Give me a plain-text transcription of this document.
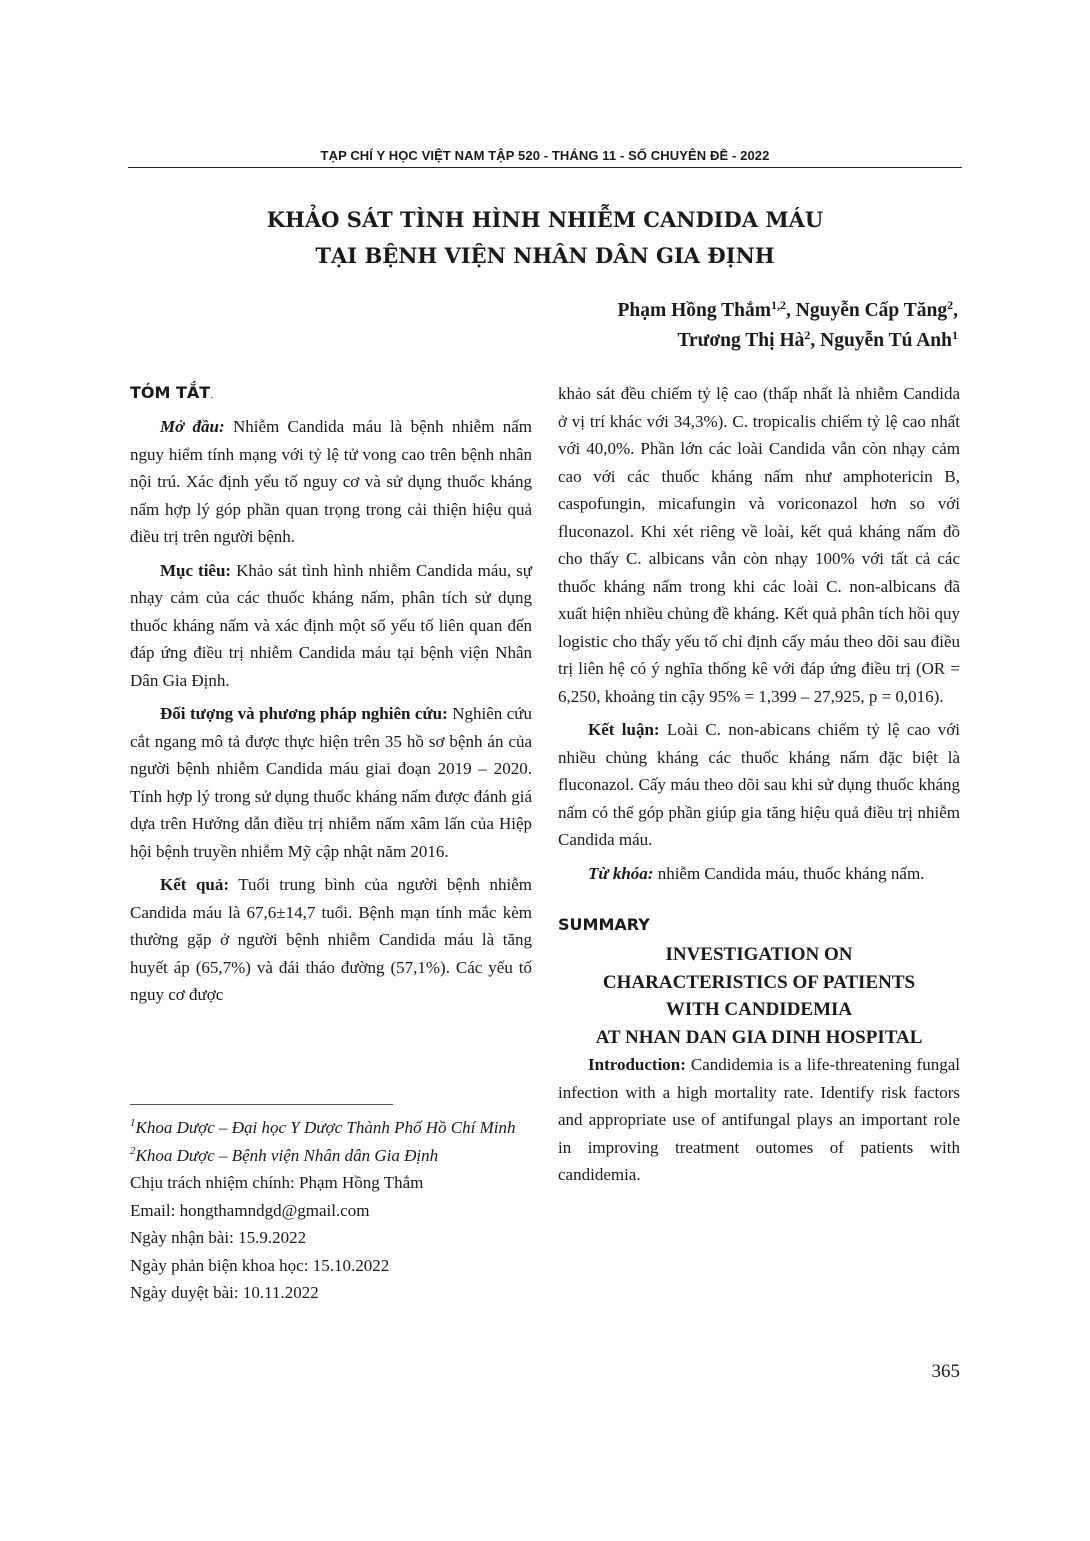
TẠP CHÍ Y HỌC VIỆT NAM TẬP 520 - THÁNG 11 - SỐ CHUYÊN ĐỀ - 2022
KHẢO SÁT TÌNH HÌNH NHIỄM CANDIDA MÁU
TẠI BỆNH VIỆN NHÂN DÂN GIA ĐỊNH
Phạm Hồng Thắm$^{1,2}$, Nguyễn Cấp Tăng$^2$,
Trương Thị $Hà^2$, Nguyễn Tú Anh$^1$
TÓM TẮT.

Mở đầu: Nhiễm Candida máu là bệnh nhiễm nấm nguy hiểm tính mạng với tỷ lệ tử vong cao trên bệnh nhân nội trú. Xác định yếu tố nguy cơ và sử dụng thuốc kháng nấm hợp lý góp phần quan trọng trong cải thiện hiệu quả điều trị trên người bệnh.

Mục tiêu: Khảo sát tình hình nhiễm Candida máu, sự nhạy cảm của các thuốc kháng nấm, phân tích sử dụng thuốc kháng nấm và xác định một số yếu tố liên quan đến đáp ứng điều trị nhiễm Candida máu tại bệnh viện Nhân Dân Gia Định.

Đối tượng và phương pháp nghiên cứu: Nghiên cứu cắt ngang mô tả được thực hiện trên 35 hồ sơ bệnh án của người bệnh nhiễm Candida máu giai đoạn 2019 – 2020. Tính hợp lý trong sử dụng thuốc kháng nấm được đánh giá dựa trên Hướng dẫn điều trị nhiễm nấm xâm lấn của Hiệp hội bệnh truyền nhiễm Mỹ cập nhật năm 2016.

Kết quả: Tuổi trung bình của người bệnh nhiễm Candida máu là 67,6±14,7 tuổi. Bệnh mạn tính mắc kèm thường gặp ở người bệnh nhiễm Candida máu là tăng huyết áp (65,7%) và đái tháo đường (57,1%). Các yếu tố nguy cơ được

$^1$Khoa Dược – Đại học Y Dược Thành Phố Hồ Chí Minh

$^2$Khoa Dược – Bệnh viện Nhân dân Gia Định

Chịu trách nhiệm chính: Phạm Hồng Thắm

Email: hongthamndgd@gmail.com

Ngày nhận bài: 15.9.2022

Ngày phản biện khoa học: 15.10.2022

Ngày duyệt bài: 10.11.2022

khảo sát đều chiếm tỷ lệ cao (thấp nhất là nhiễm Candida ở vị trí khác với 34,3%). C. tropicalis chiếm tỷ lệ cao nhất với 40,0%. Phần lớn các loài Candida vẫn còn nhạy cảm cao với các thuốc kháng nấm như amphotericin B, caspofungin, micafungin và voriconazol hơn so với fluconazol. Khi xét riêng về loài, kết quả kháng nấm đồ cho thấy C. albicans vẫn còn nhạy 100% với tất cả các thuốc kháng nấm trong khi các loài C. non-albicans đã xuất hiện nhiều chủng đề kháng. Kết quả phân tích hồi quy logistic cho thấy yếu tố chỉ định cấy máu theo dõi sau điều trị liên hệ có ý nghĩa thống kê với đáp ứng điều trị (OR = 6,250, khoảng tin cậy 95% = 1,399 – 27,925, p = 0,016).

Kết luận: Loài C. non-abicans chiếm tỷ lệ cao với nhiều chủng kháng các thuốc kháng nấm đặc biệt là fluconazol. Cấy máu theo dõi sau khi sử dụng thuốc kháng nấm có thể góp phần giúp gia tăng hiệu quả điều trị nhiễm Candida máu.

Từ khóa: nhiễm Candida máu, thuốc kháng nấm.

SUMMARY
INVESTIGATION ON
CHARACTERISTICS OF PATIENTS
WITH CANDIDEMIA
AT NHAN DAN GIA DINH HOSPITAL

Introduction: Candidemia is a life-threatening fungal infection with a high mortality rate. Identify risk factors and appropriate use of antifungal plays an important role in improving treatment outomes of patients with candidemia.

365
